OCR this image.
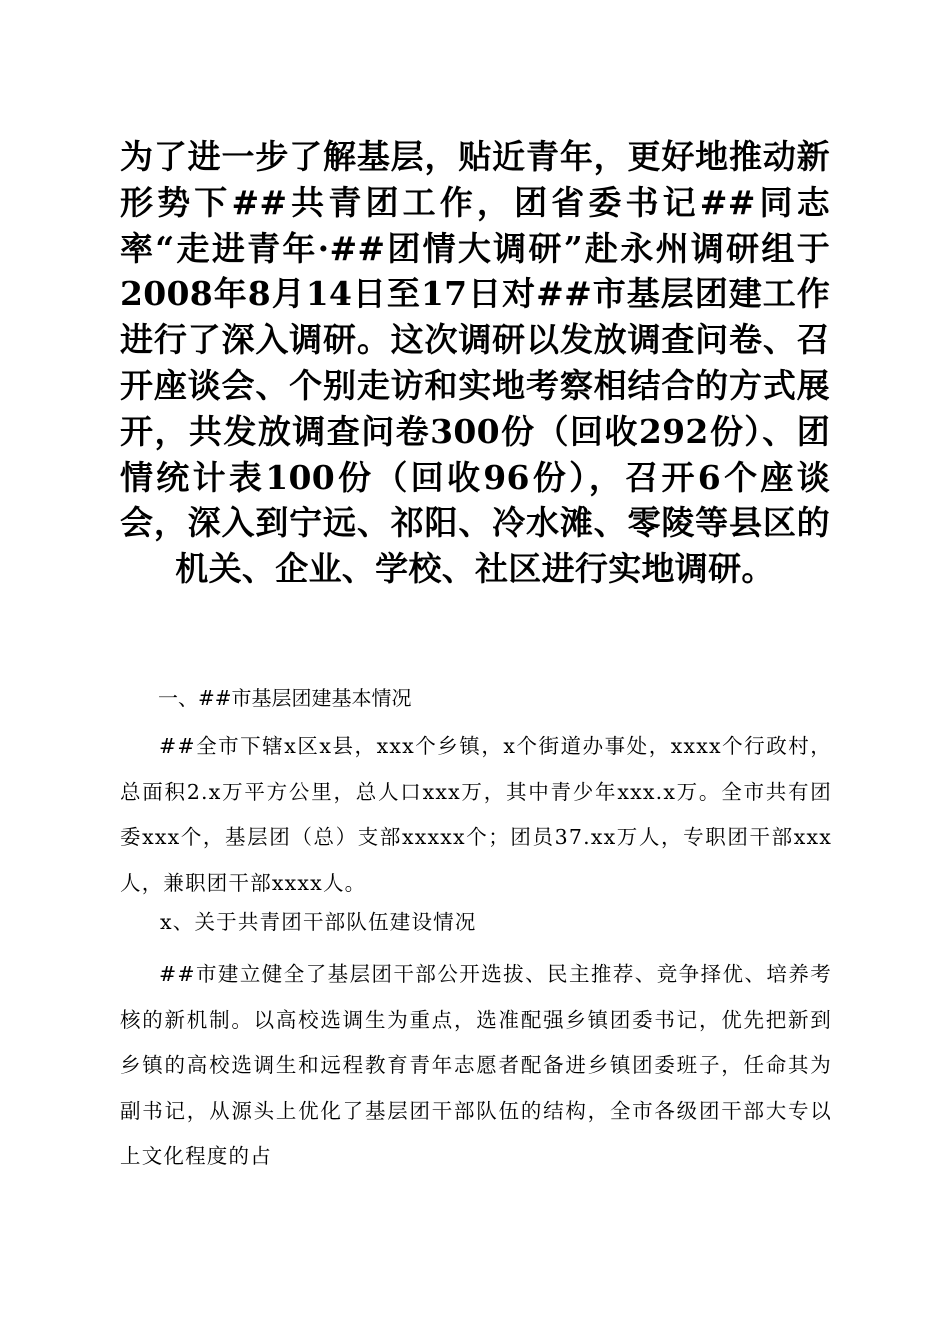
为了进一步了解基层，贴近青年，更好地推动新形势下##共青团工作，团省委书记##同志率“走进青年·##团情大调研”赴永州调研组于2008年8月14日至17日对##市基层团建工作进行了深入调研。这次调研以发放调查问卷、召开座谈会、个别走访和实地考察相结合的方式展开，共发放调查问卷300份（回收292份）、团情统计表100份（回收96份），召开6个座谈会，深入到宁远、祁阳、冷水滩、零陵等县区的机关、企业、学校、社区进行实地调研。
一、##市基层团建基本情况
##全市下辖x区x县，xxx个乡镇，x个街道办事处，xxxx个行政村，总面积2.x万平方公里，总人口xxx万，其中青少年xxx.x万。全市共有团委xxx个，基层团（总）支部xxxxx个；团员37.xx万人，专职团干部xxx人，兼职团干部xxxx人。
x、关于共青团干部队伍建设情况
##市建立健全了基层团干部公开选拔、民主推荐、竞争择优、培养考核的新机制。以高校选调生为重点，选准配强乡镇团委书记，优先把新到乡镇的高校选调生和远程教育青年志愿者配备进乡镇团委班子，任命其为副书记，从源头上优化了基层团干部队伍的结构，全市各级团干部大专以上文化程度的占
